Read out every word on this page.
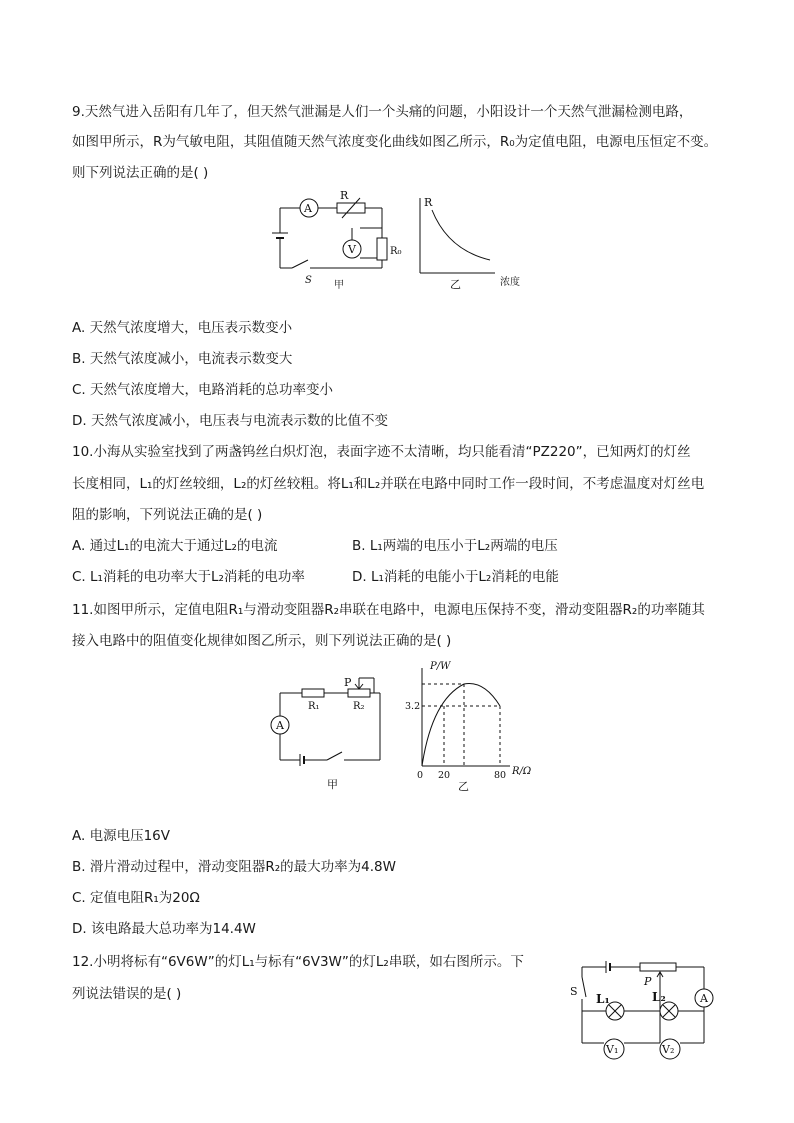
9.天然气进入岳阳有几年了，但天然气泄漏是人们一个头痛的问题，小阳设计一个天然气泄漏检测电路，
如图甲所示，R为气敏电阻，其阻值随天然气浓度变化曲线如图乙所示，R₀为定值电阻，电源电压恒定不变。
则下列说法正确的是( )
A
V
R
R₀
S 甲
R
乙	浓度
A. 天然气浓度增大，电压表示数变小
B. 天然气浓度减小，电流表示数变大
C. 天然气浓度增大，电路消耗的总功率变小
D. 天然气浓度减小，电压表与电流表示数的比值不变
10.小海从实验室找到了两盏钨丝白炽灯泡，表面字迹不太清晰，均只能看清“PZ220”，已知两灯的灯丝
长度相同，L₁的灯丝较细，L₂的灯丝较粗。将L₁和L₂并联在电路中同时工作一段时间，不考虑温度对灯丝电
阻的影响，下列说法正确的是( )
A. 通过L₁的电流大于通过L₂的电流	B. L₁两端的电压小于L₂两端的电压
C. L₁消耗的电功率大于L₂消耗的电功率	D. L₁消耗的电能小于L₂消耗的电能
11.如图甲所示，定值电阻R₁与滑动变阻器R₂串联在电路中，电源电压保持不变，滑动变阻器R₂的功率随其
接入电路中的阻值变化规律如图乙所示，则下列说法正确的是( )
A
P
R₁	R₂
甲
P/W
3.2
0 20	80 R/Ω
乙
A. 电源电压16V
B. 滑片滑动过程中，滑动变阻器R₂的最大功率为4.8W
C. 定值电阻R₁为20Ω
D. 该电路最大总功率为14.4W
12.小明将标有“6V6W”的灯L₁与标有“6V3W”的灯L₂串联，如右图所示。下
列说法错误的是( )	S
P
L₁	L₂	A
V₁	V₂
